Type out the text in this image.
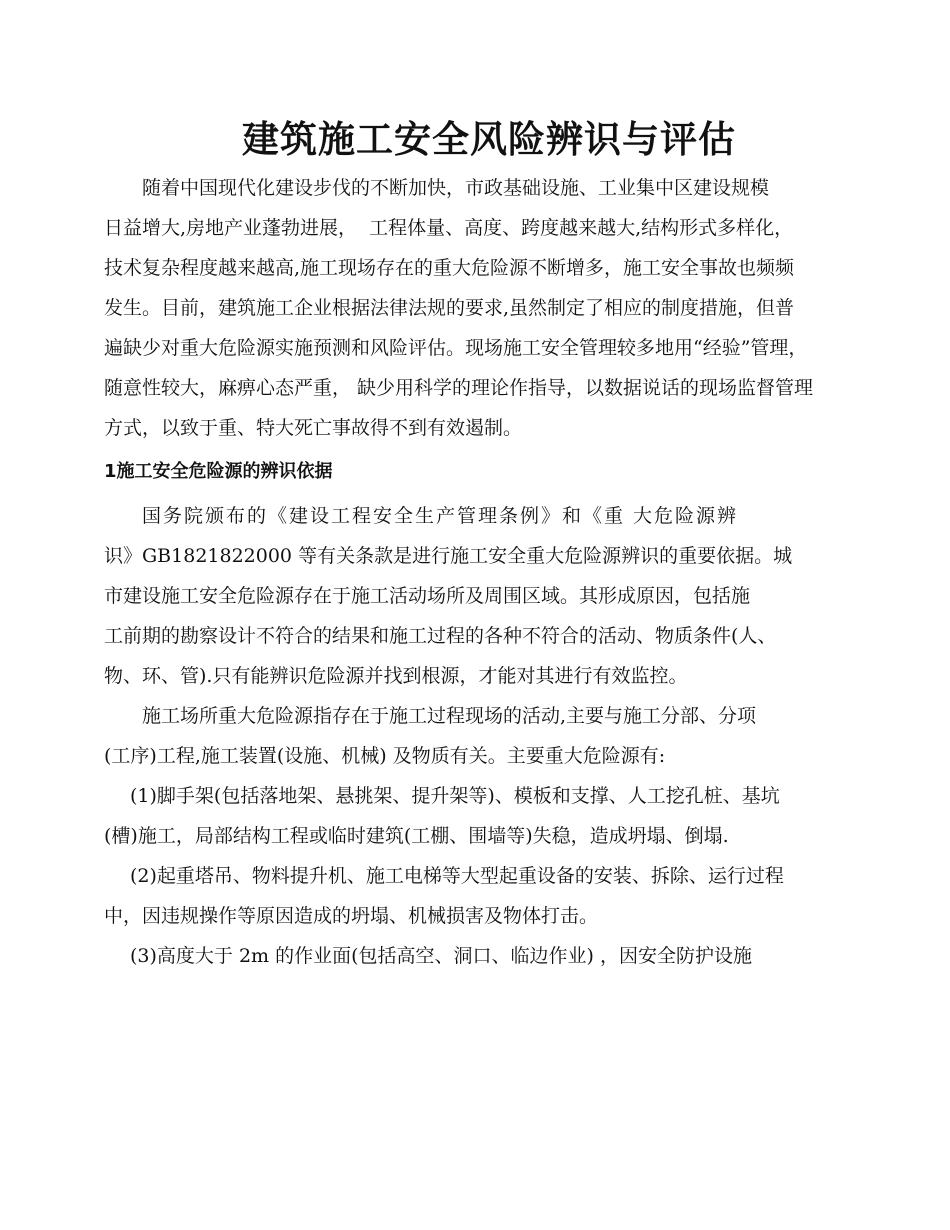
建筑施工安全风险辨识与评估
随着中国现代化建设步伐的不断加快，市政基础设施、工业集中区建设规模
日益增大,房地产业蓬勃进展，  工程体量、高度、跨度越来越大,结构形式多样化，
技术复杂程度越来越高,施工现场存在的重大危险源不断增多，施工安全事故也频频
发生。目前，建筑施工企业根据法律法规的要求,虽然制定了相应的制度措施，但普
遍缺少对重大危险源实施预测和风险评估。现场施工安全管理较多地用“经验”管理，
随意性较大，麻痹心态严重， 缺少用科学的理论作指导，以数据说话的现场监督管理
方式，以致于重、特大死亡事故得不到有效遏制。
1施工安全危险源的辨识依据
国务院颁布的《建设工程安全生产管理条例》和《重 大危险源辨
识》GB1821822000 等有关条款是进行施工安全重大危险源辨识的重要依据。城
市建设施工安全危险源存在于施工活动场所及周围区域。其形成原因，包括施
工前期的勘察设计不符合的结果和施工过程的各种不符合的活动、物质条件(人、
物、环、管).只有能辨识危险源并找到根源，才能对其进行有效监控。
施工场所重大危险源指存在于施工过程现场的活动,主要与施工分部、分项
(工序)工程,施工装置(设施、机械) 及物质有关。主要重大危险源有:
(1)脚手架(包括落地架、悬挑架、提升架等)、模板和支撑、人工挖孔桩、基坑
(槽)施工，局部结构工程或临时建筑(工棚、围墙等)失稳，造成坍塌、倒塌.
(2)起重塔吊、物料提升机、施工电梯等大型起重设备的安装、拆除、运行过程
中，因违规操作等原因造成的坍塌、机械损害及物体打击。
(3)高度大于 2m 的作业面(包括高空、洞口、临边作业) ，因安全防护设施
